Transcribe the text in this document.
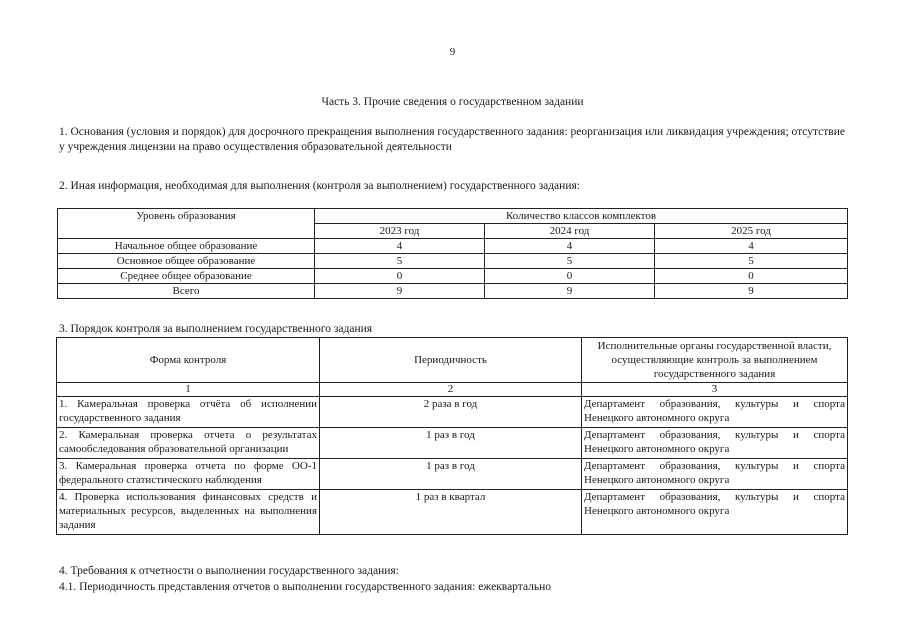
9
Часть 3. Прочие сведения о государственном задании
1. Основания (условия и порядок) для досрочного прекращения выполнения государственного задания: реорганизация или ликвидация учреждения; отсутствие у учреждения лицензии на право осуществления образовательной деятельности
2. Иная информация, необходимая для выполнения (контроля за выполнением) государственного задания:
Уровень образования	Количество классов комплектов		
	2023 год	2024 год	2025 год
Начальное общее образование	4	4	4
Основное общее образование	5	5	5
Среднее общее образование	0	0	0
Всего	9	9	9
3. Порядок контроля за выполнением государственного задания
Форма контроля	Периодичность	Исполнительные органы государственной власти, осуществляющие контроль за выполнением государственного задания
1	2	3
1. Камеральная проверка отчёта об исполнении государственного задания	2 раза в год	Департамент образования, культуры и спорта Ненецкого автономного округа
2. Камеральная проверка отчета о результатах самообследования образовательной организации	1 раз в год	Департамент образования, культуры и спорта Ненецкого автономного округа
3. Камеральная проверка отчета по форме ОО-1 федерального статистического наблюдения	1 раз в год	Департамент образования, культуры и спорта Ненецкого автономного округа
4. Проверка использования финансовых средств и материальных ресурсов, выделенных на выполнения задания	1 раз в квартал	Департамент образования, культуры и спорта Ненецкого автономного округа
4. Требования к отчетности о выполнении государственного задания:
4.1. Периодичность представления отчетов о выполнении государственного задания: ежеквартально
